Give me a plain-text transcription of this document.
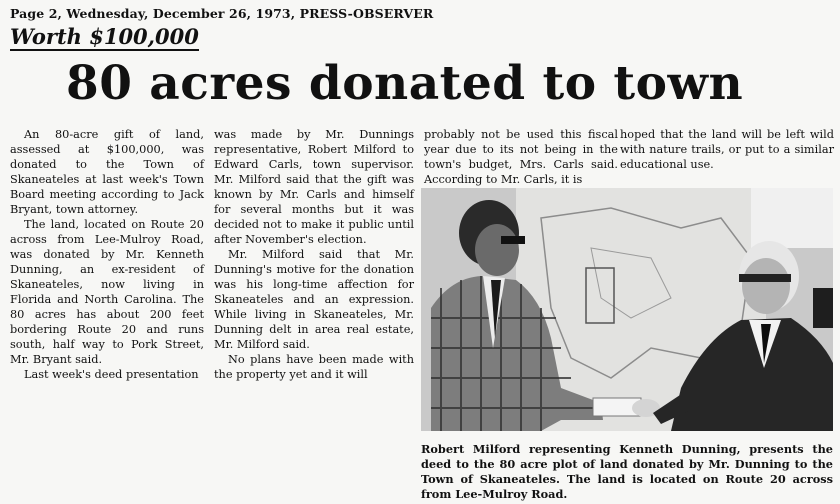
Page 2, Wednesday, December 26, 1973, PRESS-OBSERVER
Worth $100,000
80 acres donated to town

An 80-acre gift of land, assessed at $100,000, was donated to the Town of Skaneateles at last week's Town Board meeting according to Jack Bryant, town attorney.

The land, located on Route 20 across from Lee-Mulroy Road, was donated by Mr. Kenneth Dunning, an ex-resident of Skaneateles, now living in Florida and North Carolina. The 80 acres has about 200 feet bordering Route 20 and runs south, half way to Pork Street, Mr. Bryant said.

Last week's deed presentation

was made by Mr. Dunnings representative, Robert Milford to Edward Carls, town supervisor. Mr. Milford said that the gift was known by Mr. Carls and himself for several months but it was decided not to make it public until after November's election.

Mr. Milford said that Mr. Dunning's motive for the donation was his long-time affection for Skaneateles and an expression. While living in Skaneateles, Mr. Dunning delt in area real estate, Mr. Milford said.

No plans have been made with the property yet and it will

probably not be used this fiscal year due to its not being in the town's budget, Mrs. Carls said. According to Mr. Carls, it is

hoped that the land will be left wild with nature trails, or put to a similar educational use.

Robert Milford representing Kenneth Dunning, presents the deed to the 80 acre plot of land donated by Mr. Dunning to the Town of Skaneateles. The land is located on Route 20 across from Lee-Mulroy Road.
